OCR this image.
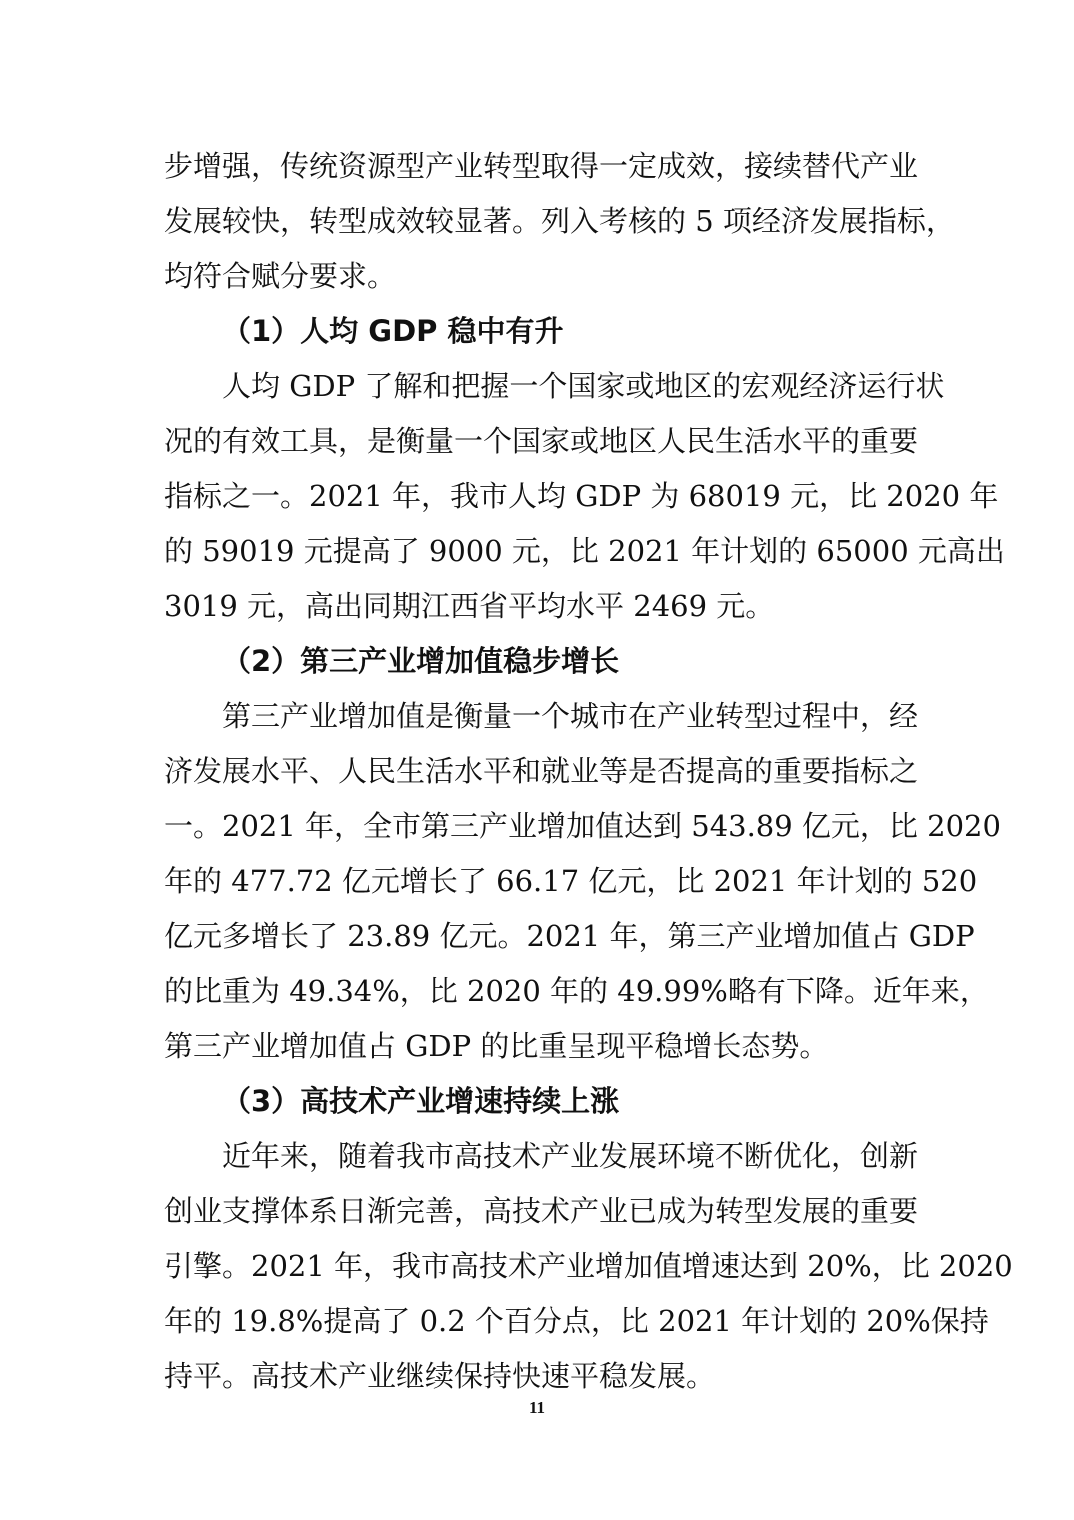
步增强，传统资源型产业转型取得一定成效，接续替代产业
发展较快，转型成效较显著。列入考核的 5 项经济发展指标，
均符合赋分要求。
（1）人均 GDP 稳中有升
人均 GDP 了解和把握一个国家或地区的宏观经济运行状
况的有效工具，是衡量一个国家或地区人民生活水平的重要
指标之一。2021 年，我市人均 GDP 为 68019 元，比 2020 年
的 59019 元提高了 9000 元，比 2021 年计划的 65000 元高出
3019 元，高出同期江西省平均水平 2469 元。
（2）第三产业增加值稳步增长
第三产业增加值是衡量一个城市在产业转型过程中，经
济发展水平、人民生活水平和就业等是否提高的重要指标之
一。2021 年，全市第三产业增加值达到 543.89 亿元，比 2020
年的 477.72 亿元增长了 66.17 亿元，比 2021 年计划的 520
亿元多增长了 23.89 亿元。2021 年，第三产业增加值占 GDP
的比重为 49.34%，比 2020 年的 49.99%略有下降。近年来，
第三产业增加值占 GDP 的比重呈现平稳增长态势。
（3）高技术产业增速持续上涨
近年来，随着我市高技术产业发展环境不断优化，创新
创业支撑体系日渐完善，高技术产业已成为转型发展的重要
引擎。2021 年，我市高技术产业增加值增速达到 20%，比 2020
年的 19.8%提高了 0.2 个百分点，比 2021 年计划的 20%保持
持平。高技术产业继续保持快速平稳发展。
11
